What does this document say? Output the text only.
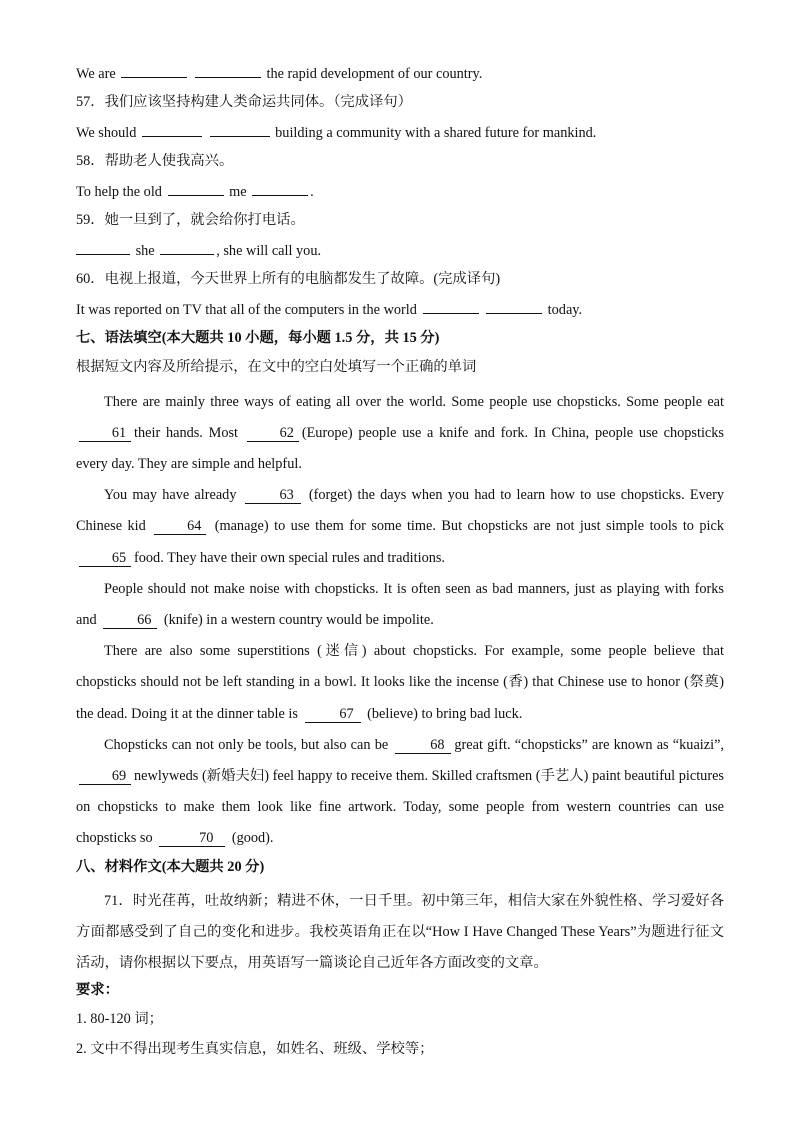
We are	the rapid development of our country.
57．我们应该坚持构建人类命运共同体。（完成译句）
We should	building a community with a shared future for mankind.
58．帮助老人使我高兴。
To help the old	me	.
59．她一旦到了，就会给你打电话。
she	, she will call you.
60．电视上报道，今天世界上所有的电脑都发生了故障。(完成译句)
It was reported on TV that all of the computers in the world	today.
七、语法填空(本大题共 10 小题，每小题 1.5 分，共 15 分)
根据短文内容及所给提示，在文中的空白处填写一个正确的单词
There are mainly three ways of eating all over the world. Some people use chopsticks. Some people eat 61 their hands. Most	62 (Europe) people use a knife and fork. In China, people use chopsticks every day. They are simple and helpful.
You may have already	63 (forget) the days when you had to learn how to use chopsticks. Every Chinese kid	64 (manage) to use them for some time. But chopsticks are not just simple tools to pick 65 food. They have their own special rules and traditions.
People should not make noise with chopsticks. It is often seen as bad manners, just as playing with forks and	66 (knife) in a western country would be impolite.
There are also some superstitions (迷信) about chopsticks. For example, some people believe that chopsticks should not be left standing in a bowl. It looks like the incense (香) that Chinese use to honor (祭奠) the dead. Doing it at the dinner table is	67 (believe) to bring bad luck.
Chopsticks can not only be tools, but also can be	68 great gift. “chopsticks” are known as “kuaizi”, 69 newlyweds (新婚夫妇) feel happy to receive them. Skilled craftsmen (手艺人) paint beautiful pictures on chopsticks to make them look like fine artwork. Today, some people from western countries can use chopsticks so	70 (good).
八、材料作文(本大题共 20 分)
71．时光荏苒，吐故纳新；精进不休，一日千里。初中第三年，相信大家在外貌性格、学习爱好各方面都感受到了自己的变化和进步。我校英语角正在以“How I Have Changed These Years”为题进行征文活动，请你根据以下要点，用英语写一篇谈论自己近年各方面改变的文章。
要求：
1. 80-120 词；
2. 文中不得出现考生真实信息，如姓名、班级、学校等；
